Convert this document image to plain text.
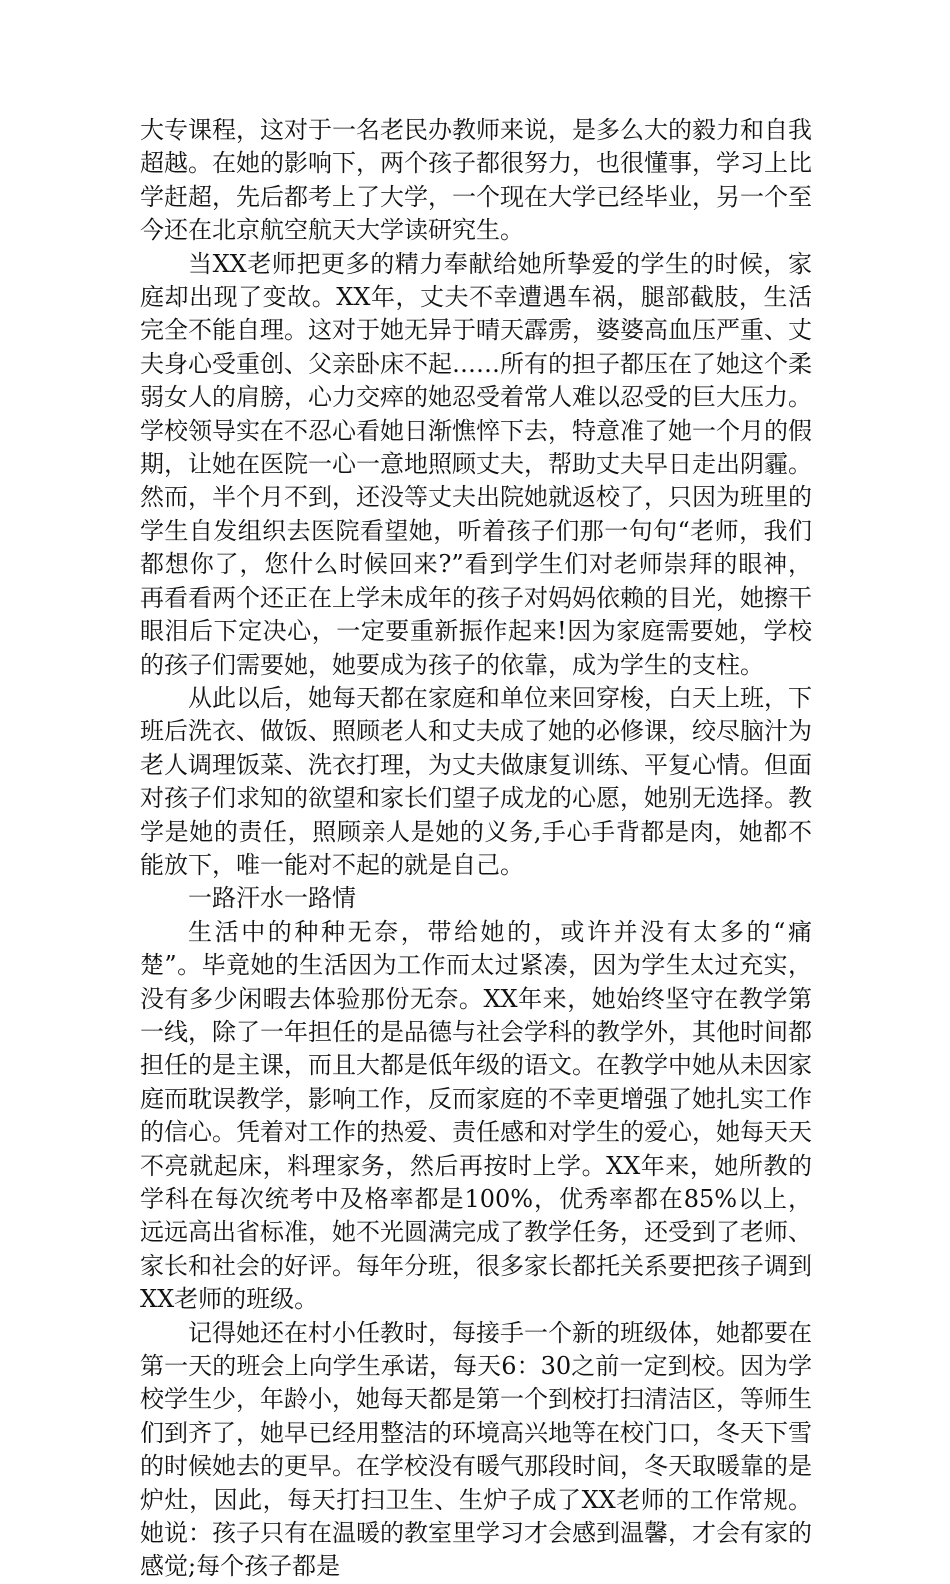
大专课程，这对于一名老民办教师来说，是多么大的毅力和自我超越。在她的影响下，两个孩子都很努力，也很懂事，学习上比学赶超，先后都考上了大学，一个现在大学已经毕业，另一个至今还在北京航空航天大学读研究生。

当XX老师把更多的精力奉献给她所挚爱的学生的时候，家庭却出现了变故。XX年，丈夫不幸遭遇车祸，腿部截肢，生活完全不能自理。这对于她无异于晴天霹雳，婆婆高血压严重、丈夫身心受重创、父亲卧床不起……所有的担子都压在了她这个柔弱女人的肩膀，心力交瘁的她忍受着常人难以忍受的巨大压力。学校领导实在不忍心看她日渐憔悴下去，特意准了她一个月的假期，让她在医院一心一意地照顾丈夫，帮助丈夫早日走出阴霾。然而，半个月不到，还没等丈夫出院她就返校了，只因为班里的学生自发组织去医院看望她，听着孩子们那一句句“老师，我们都想你了，您什么时候回来?”看到学生们对老师崇拜的眼神，再看看两个还正在上学未成年的孩子对妈妈依赖的目光，她擦干眼泪后下定决心，一定要重新振作起来!因为家庭需要她，学校的孩子们需要她，她要成为孩子的依靠，成为学生的支柱。

从此以后，她每天都在家庭和单位来回穿梭，白天上班，下班后洗衣、做饭、照顾老人和丈夫成了她的必修课，绞尽脑汁为老人调理饭菜、洗衣打理，为丈夫做康复训练、平复心情。但面对孩子们求知的欲望和家长们望子成龙的心愿，她别无选择。教学是她的责任，照顾亲人是她的义务,手心手背都是肉，她都不能放下，唯一能对不起的就是自己。

一路汗水一路情

生活中的种种无奈，带给她的，或许并没有太多的“痛楚”。毕竟她的生活因为工作而太过紧凑，因为学生太过充实，没有多少闲暇去体验那份无奈。XX年来，她始终坚守在教学第一线，除了一年担任的是品德与社会学科的教学外，其他时间都担任的是主课，而且大都是低年级的语文。在教学中她从未因家庭而耽误教学，影响工作，反而家庭的不幸更增强了她扎实工作的信心。凭着对工作的热爱、责任感和对学生的爱心，她每天天不亮就起床，料理家务，然后再按时上学。XX年来，她所教的学科在每次统考中及格率都是100%，优秀率都在85%以上，远远高出省标准，她不光圆满完成了教学任务，还受到了老师、家长和社会的好评。每年分班，很多家长都托关系要把孩子调到XX老师的班级。

记得她还在村小任教时，每接手一个新的班级体，她都要在第一天的班会上向学生承诺，每天6：30之前一定到校。因为学校学生少，年龄小，她每天都是第一个到校打扫清洁区，等师生们到齐了，她早已经用整洁的环境高兴地等在校门口，冬天下雪的时候她去的更早。在学校没有暖气那段时间，冬天取暖靠的是炉灶，因此，每天打扫卫生、生炉子成了XX老师的工作常规。她说：孩子只有在温暖的教室里学习才会感到温馨，才会有家的感觉;每个孩子都是
